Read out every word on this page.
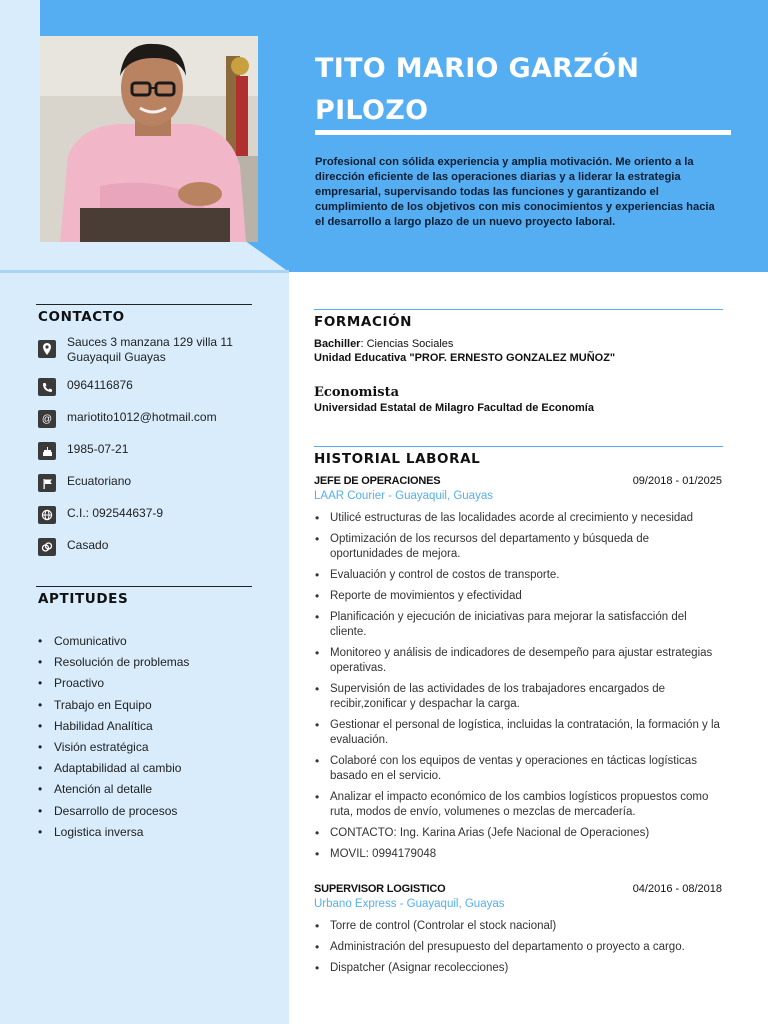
TITO MARIO GARZÓN PILOZO
Profesional con sólida experiencia y amplia motivación. Me oriento a la dirección eficiente de las operaciones diarias y a liderar la estrategia empresarial, supervisando todas las funciones y garantizando el cumplimiento de los objetivos con mis conocimientos y experiencias hacia el desarrollo a largo plazo de un nuevo proyecto laboral.
CONTACTO
Sauces 3 manzana 129 villa 11 Guayaquil Guayas
0964116876
@	mariotito1012@hotmail.com
1985-07-21
Ecuatoriano
C.I.: 092544637-9
Casado
APTITUDES
• Comunicativo
• Resolución de problemas
• Proactivo
• Trabajo en Equipo
• Habilidad Analítica
• Visión estratégica
• Adaptabilidad al cambio
• Atención al detalle
• Desarrollo de procesos
• Logistica inversa
FORMACIÓN
Bachiller: Ciencias Sociales
Unidad Educativa "PROF. ERNESTO GONZALEZ MUÑOZ"
Economista
Universidad Estatal de Milagro Facultad de Economía
HISTORIAL LABORAL
JEFE DE OPERACIONES	09/2018 - 01/2025
LAAR Courier - Guayaquil, Guayas
• Utilicé estructuras de las localidades acorde al crecimiento y necesidad
• Optimización de los recursos del departamento y búsqueda de oportunidades de mejora.
• Evaluación y control de costos de transporte.
• Reporte de movimientos y efectividad
• Planificación y ejecución de iniciativas para mejorar la satisfacción del cliente.
• Monitoreo y análisis de indicadores de desempeño para ajustar estrategias operativas.
• Supervisión de las actividades de los trabajadores encargados de recibir,zonificar y despachar la carga.
• Gestionar el personal de logística, incluidas la contratación, la formación y la evaluación.
• Colaboré con los equipos de ventas y operaciones en tácticas logísticas basado en el servicio.
• Analizar el impacto económico de los cambios logísticos propuestos como ruta, modos de envío, volumenes o mezclas de mercadería.
• CONTACTO: Ing. Karina Arias (Jefe Nacional de Operaciones)
• MOVIL: 0994179048
SUPERVISOR LOGISTICO	04/2016 - 08/2018
Urbano Express - Guayaquil, Guayas
• Torre de control (Controlar el stock nacional)
• Administración del presupuesto del departamento o proyecto a cargo.
• Dispatcher (Asignar recolecciones)
